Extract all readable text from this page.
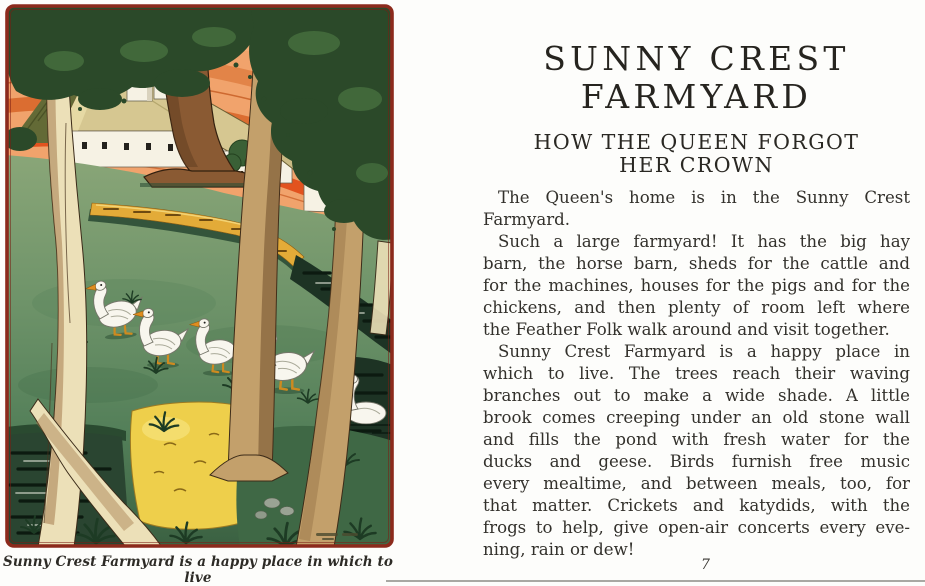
Sunny Crest Farmyard is a happy place in which to live
SUNNY CREST
FARMYARD
HOW THE QUEEN FORGOT
HER CROWN
The Queen's home is in the Sunny Crest
Farmyard.
Such a large farmyard! It has the big hay
barn, the horse barn, sheds for the cattle and
for the machines, houses for the pigs and for the
chickens, and then plenty of room left where
the Feather Folk walk around and visit together.
Sunny Crest Farmyard is a happy place in
which to live. The trees reach their waving
branches out to make a wide shade. A little
brook comes creeping under an old stone wall
and fills the pond with fresh water for the
ducks and geese. Birds furnish free music
every mealtime, and between meals, too, for
that matter. Crickets and katydids, with the
frogs to help, give open-air concerts every eve-
ning, rain or dew!
7
